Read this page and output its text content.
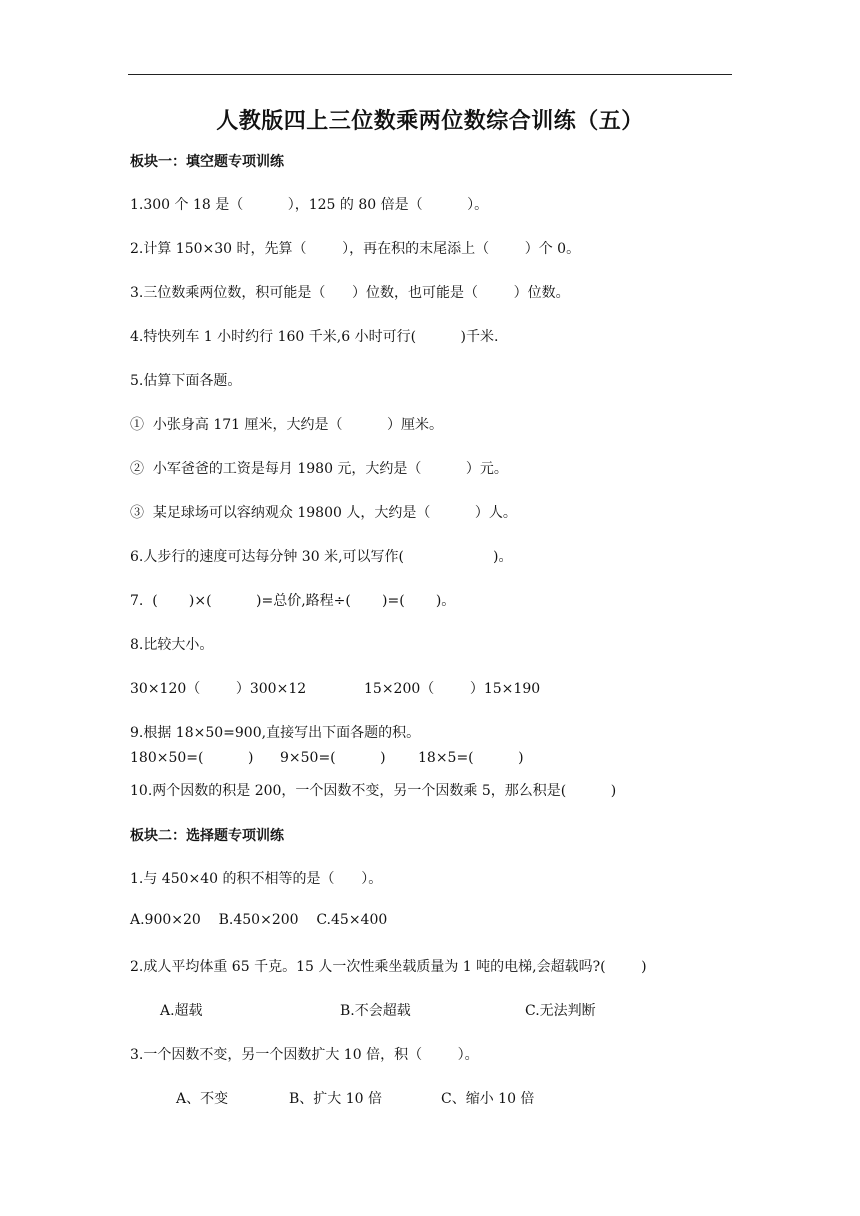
人教版四上三位数乘两位数综合训练（五）
板块一：填空题专项训练
1.300 个 18 是（          ），125 的 80 倍是（          ）。
2.计算 150×30 时，先算（        ），再在积的末尾添上（        ）个 0。
3.三位数乘两位数，积可能是（      ）位数，也可能是（        ）位数。
4.特快列车 1 小时约行 160 千米,6 小时可行(          )千米.
5.估算下面各题。
①  小张身高 171 厘米，大约是（          ）厘米。
②  小军爸爸的工资是每月 1980 元，大约是（          ）元。
③  某足球场可以容纳观众 19800 人，大约是（          ）人。
6.人步行的速度可达每分钟 30 米,可以写作(                    )。
7.  (       )×(          )=总价,路程÷(       )=(       )。
8.比较大小。
30×120（        ）300×12	15×200（        ）15×190
9.根据 18×50=900,直接写出下面各题的积。
180×50=(          ) 9×50=(          ) 18×5=(          )
10.两个因数的积是 200，一个因数不变，另一个因数乘 5，那么积是(          )
板块二：选择题专项训练
1.与 450×40 的积不相等的是（      ）。
A.900×20    B.450×200    C.45×400
2.成人平均体重 65 千克。15 人一次性乘坐载质量为 1 吨的电梯,会超载吗?(        )
A.超载	B.不会超载	C.无法判断
3.一个因数不变，另一个因数扩大 10 倍，积（        ）。
A、不变	B、扩大 10 倍	C、缩小 10 倍
